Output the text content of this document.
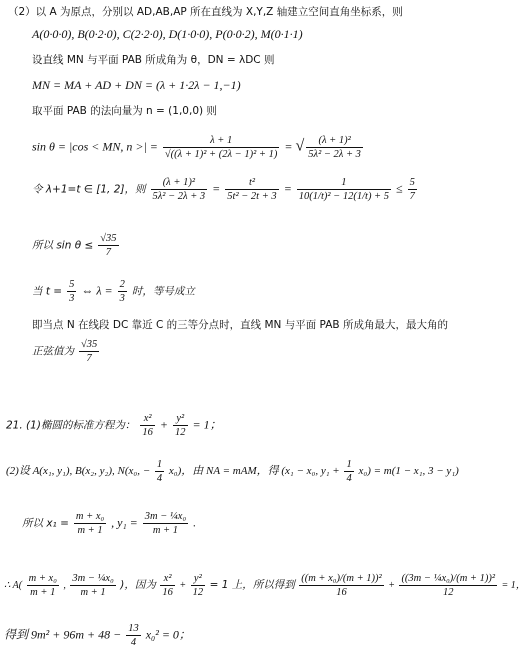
（2）以 A 为原点，分别以 AD,AB,AP 所在直线为 X,Y,Z 轴建立空间直角坐标系，则
A(0·0·0), B(0·2·0), C(2·2·0), D(1·0·0), P(0·0·2), M(0·1·1)
设直线 MN 与平面 PAB 所成角为 θ，DN = λDC 则
MN = MA + AD + DN = (λ + 1·2λ − 1,−1)
取平面 PAB 的法向量为 n = (1,0,0) 则
sin θ = |cos < MN, n >| = $\frac{\lambda + 1}{\text{√((λ + 1)² + (2λ − 1)² + 1)}}$ = √ $\frac{\text{(λ + 1)²}}{\text{5λ² − 2λ + 3}}$
令 λ+1=t ∈ [1, 2]，则 $\frac{\text{(λ + 1)²}}{\text{5λ² − 2λ + 3}} = \frac{\text{t²}}{\text{5t² − 2t + 3}} = \frac{1}{\text{10(1/t)² − 12(1/t) + 5}} \le \frac{5}{7}$
所以 $\sin \theta \le \frac{√35}{7}$
当 $t = \frac{5}{3}$ ⇔ $\lambda = \frac{2}{3}$ 时，等号成立
即当点 N 在线段 DC 靠近 C 的三等分点时，直线 MN 与平面 PAB 所成角最大，最大角的
正弦值为 $\frac{√35}{7}$
21. (1)椭圆的标准方程为： $\frac{\text{x²}}{16} + \frac{\text{y²}}{12} = 1$；
(2)设 A(x₁, y₁), B(x₂, y₂), N(x₀, − $\frac{1}{4} x_0$)，由 NA = mAM，得 (x₁ − x₀, $y_1 + \frac{1}{4} x_0) = m(1 - x_1$, 3 − y₁)
所以 $x_1 = \frac{\text{m + x₀}}{m + 1}$ , $y_1 = \frac{\text{3m − ¼x₀}}{m + 1}$ .
∴ $A( \frac{\text{m + x₀}}{m + 1}$ , $\frac{\text{3m − ¼x₀}}{m + 1}$ )，因为 $\frac{\text{x²}}{16} + \frac{\text{y²}}{12} = 1$ 上，所以得到 $\frac{\text{((m + x₀)/(m + 1))²}}{16} + \frac{\text{((3m − ¼x₀)/(m + 1))²}}{12} = 1$，
得到 $9m^2 + 96m + 48 - \frac{13}{4} x_0^2 = 0$；
